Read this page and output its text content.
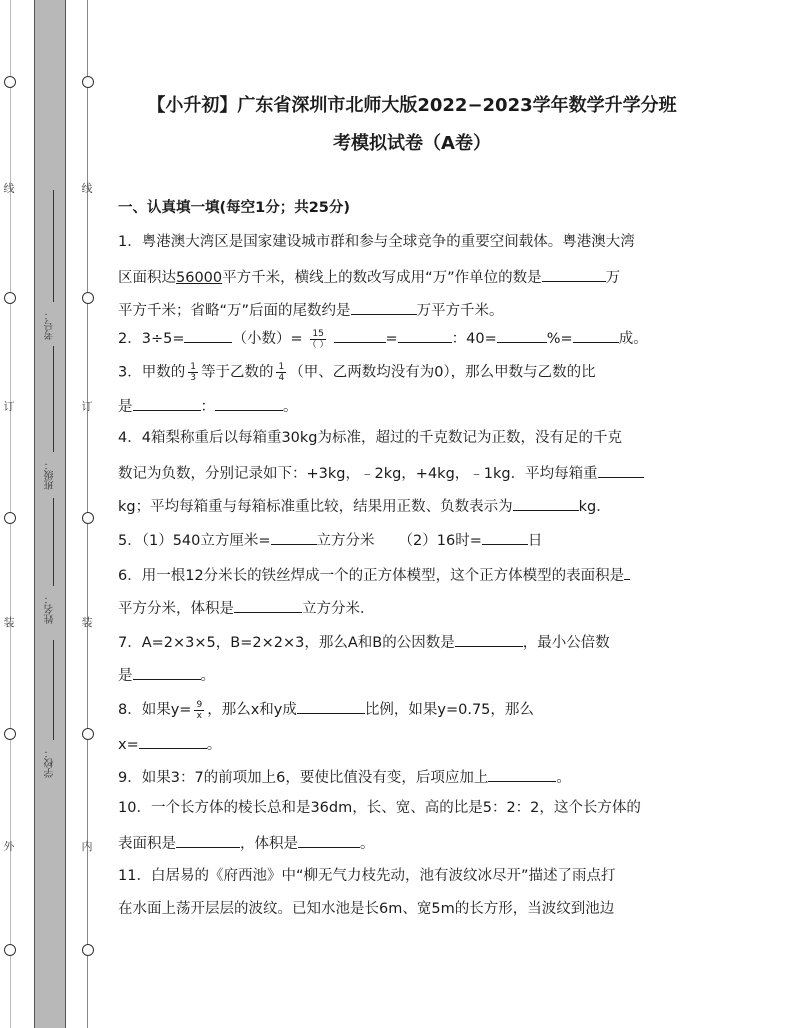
线
订
装
外
线
订
装
内
考号：
班级：
姓名：
学校：
【小升初】广东省深圳市北师大版2022−2023学年数学升学分班
考模拟试卷（A卷）
一、认真填一填(每空1分；共25分)
1．粤港澳大湾区是国家建设城市群和参与全球竞争的重要空间载体。粤港澳大湾
区面积达56000平方千米，横线上的数改写成用“万”作单位的数是	万
平方千米；省略“万”后面的尾数约是	万平方千米。
2．3÷5=	（小数）= $\frac{15}{( )}$	=	：40=	%=	成。
3．甲数的 $\frac{1}{3}$ 等于乙数的 $\frac{1}{4}$ （甲、乙两数均没有为0），那么甲数与乙数的比
是	：	。
4．4箱梨称重后以每箱重30kg为标准，超过的千克数记为正数，没有足的千克
数记为负数，分别记录如下：+3kg，﹣2kg，+4kg，﹣1kg．平均每箱重
kg；平均每箱重与每箱标准重比较，结果用正数、负数表示为	kg．
5．（1）540立方厘米=	立方分米 （2）16时=	日
6．用一根12分米长的铁丝焊成一个的正方体模型，这个正方体模型的表面积是
平方分米，体积是	立方分米．
7．A=2×3×5，B=2×2×3，那么A和B的公因数是	，最小公倍数
是	。
8．如果$y= \frac{9}{x}$ ，那么x和y成	比例，如果y=0.75，那么
x=	。
9．如果3：7的前项加上6，要使比值没有变，后项应加上	。
10．一个长方体的棱长总和是36dm，长、宽、高的比是5：2：2，这个长方体的
表面积是	，体积是	。
11．白居易的《府西池》中“柳无气力枝先动，池有波纹冰尽开”描述了雨点打
在水面上荡开层层的波纹。已知水池是长6m、宽5m的长方形，当波纹到池边
